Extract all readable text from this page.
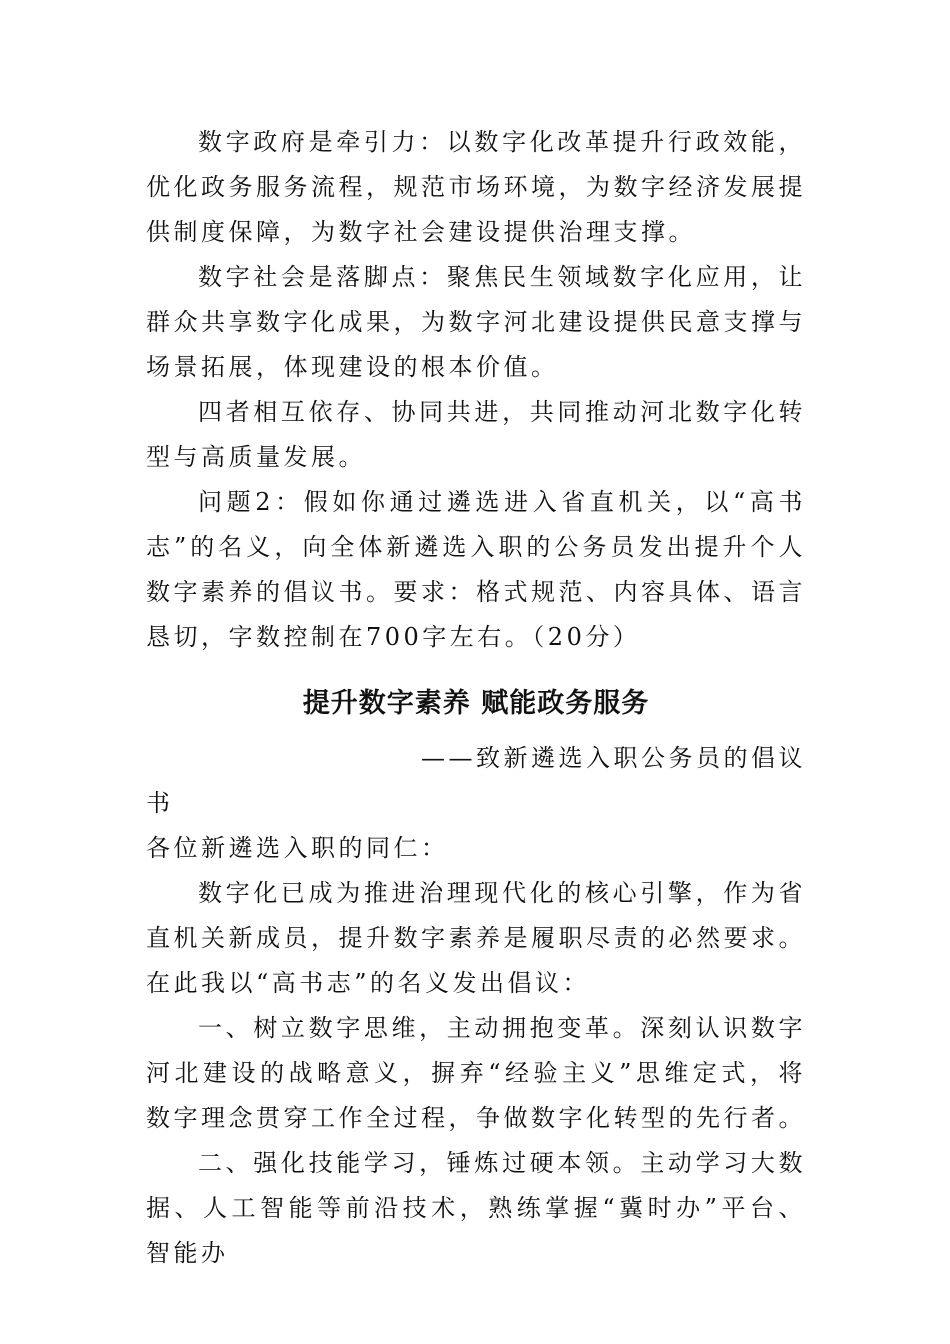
数字政府是牵引力：以数字化改革提升行政效能，优化政务服务流程，规范市场环境，为数字经济发展提供制度保障，为数字社会建设提供治理支撑。

数字社会是落脚点：聚焦民生领域数字化应用，让群众共享数字化成果，为数字河北建设提供民意支撑与场景拓展，体现建设的根本价值。

四者相互依存、协同共进，共同推动河北数字化转型与高质量发展。

问题2：假如你通过遴选进入省直机关，以“高书志”的名义，向全体新遴选入职的公务员发出提升个人数字素养的倡议书。要求：格式规范、内容具体、语言恳切，字数控制在700字左右。（20分）

提升数字素养 赋能政务服务

——致新遴选入职公务员的倡议

书

各位新遴选入职的同仁：

数字化已成为推进治理现代化的核心引擎，作为省直机关新成员，提升数字素养是履职尽责的必然要求。在此我以“高书志”的名义发出倡议：

一、树立数字思维，主动拥抱变革。深刻认识数字河北建设的战略意义，摒弃“经验主义”思维定式，将数字理念贯穿工作全过程，争做数字化转型的先行者。

二、强化技能学习，锤炼过硬本领。主动学习大数据、人工智能等前沿技术，熟练掌握“冀时办”平台、智能办
